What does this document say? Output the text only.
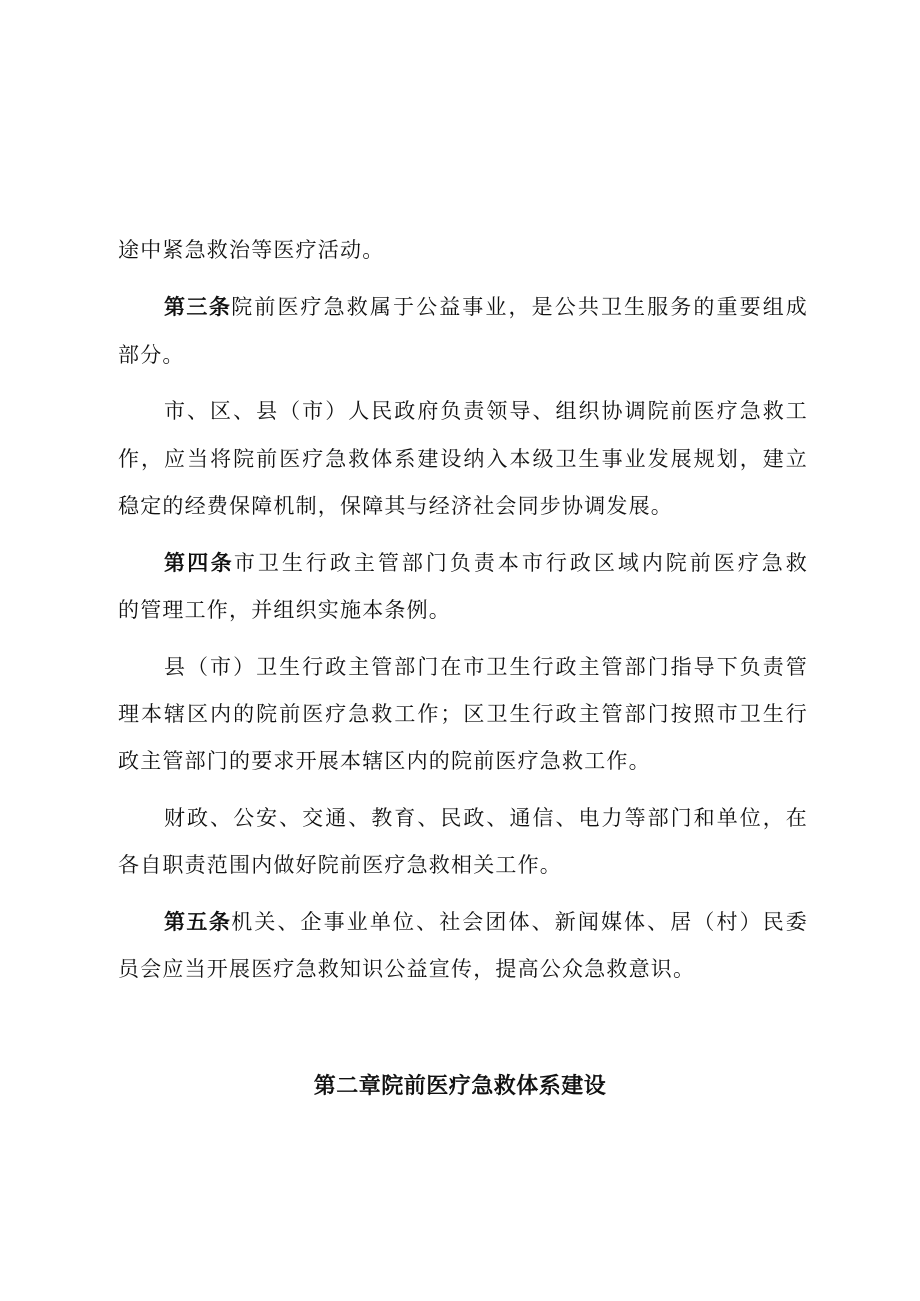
途中紧急救治等医疗活动。
第三条院前医疗急救属于公益事业，是公共卫生服务的重要组成
部分。
市、区、县（市）人民政府负责领导、组织协调院前医疗急救工
作，应当将院前医疗急救体系建设纳入本级卫生事业发展规划，建立
稳定的经费保障机制，保障其与经济社会同步协调发展。
第四条市卫生行政主管部门负责本市行政区域内院前医疗急救
的管理工作，并组织实施本条例。
县（市）卫生行政主管部门在市卫生行政主管部门指导下负责管
理本辖区内的院前医疗急救工作；区卫生行政主管部门按照市卫生行
政主管部门的要求开展本辖区内的院前医疗急救工作。
财政、公安、交通、教育、民政、通信、电力等部门和单位，在
各自职责范围内做好院前医疗急救相关工作。
第五条机关、企事业单位、社会团体、新闻媒体、居（村）民委
员会应当开展医疗急救知识公益宣传，提高公众急救意识。
第二章院前医疗急救体系建设
